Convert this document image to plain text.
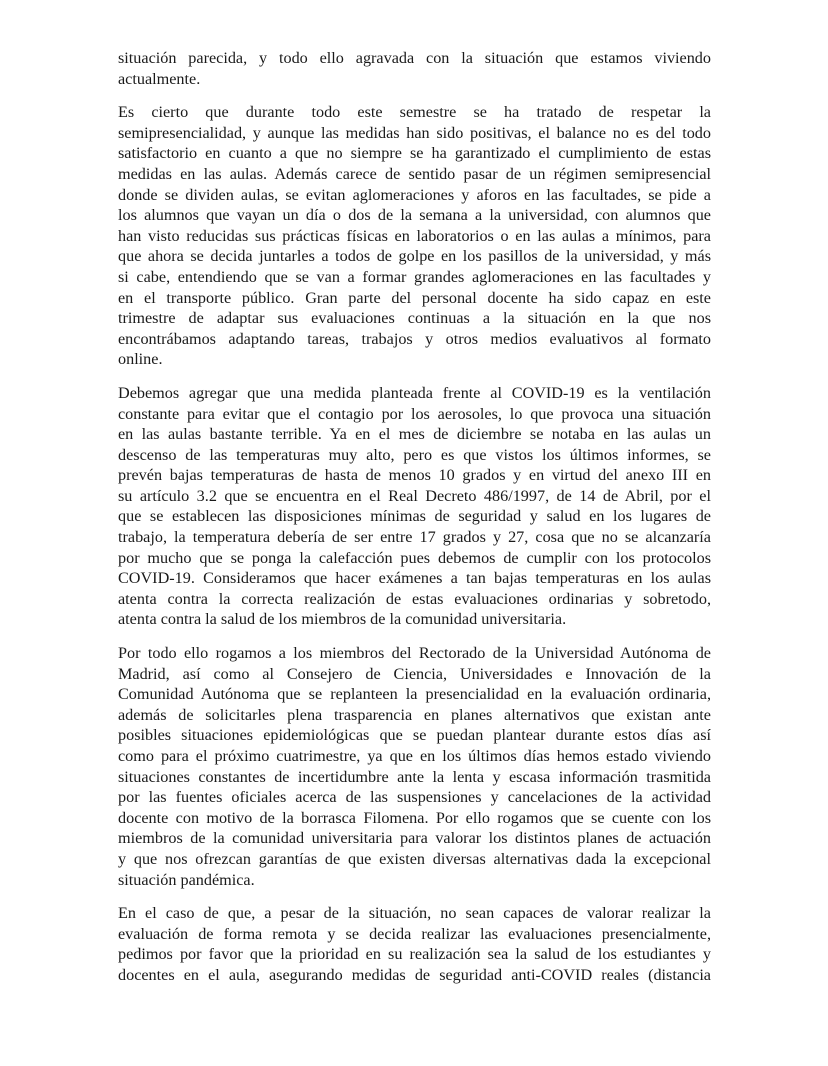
situación parecida, y todo ello agravada con la situación que estamos viviendo
actualmente.
Es cierto que durante todo este semestre se ha tratado de respetar la
semipresencialidad, y aunque las medidas han sido positivas, el balance no es del todo
satisfactorio en cuanto a que no siempre se ha garantizado el cumplimiento de estas
medidas en las aulas. Además carece de sentido pasar de un régimen semipresencial
donde se dividen aulas, se evitan aglomeraciones y aforos en las facultades, se pide a
los alumnos que vayan un día o dos de la semana a la universidad, con alumnos que
han visto reducidas sus prácticas físicas en laboratorios o en las aulas a mínimos, para
que ahora se decida juntarles a todos de golpe en los pasillos de la universidad, y más
si cabe, entendiendo que se van a formar grandes aglomeraciones en las facultades y
en el transporte público. Gran parte del personal docente ha sido capaz en este
trimestre de adaptar sus evaluaciones continuas a la situación en la que nos
encontrábamos adaptando tareas, trabajos y otros medios evaluativos al formato
online.
Debemos agregar que una medida planteada frente al COVID-19 es la ventilación
constante para evitar que el contagio por los aerosoles, lo que provoca una situación
en las aulas bastante terrible. Ya en el mes de diciembre se notaba en las aulas un
descenso de las temperaturas muy alto, pero es que vistos los últimos informes, se
prevén bajas temperaturas de hasta de menos 10 grados y en virtud del anexo III en
su artículo 3.2 que se encuentra en el Real Decreto 486/1997, de 14 de Abril, por el
que se establecen las disposiciones mínimas de seguridad y salud en los lugares de
trabajo, la temperatura debería de ser entre 17 grados y 27, cosa que no se alcanzaría
por mucho que se ponga la calefacción pues debemos de cumplir con los protocolos
COVID-19. Consideramos que hacer exámenes a tan bajas temperaturas en los aulas
atenta contra la correcta realización de estas evaluaciones ordinarias y sobretodo,
atenta contra la salud de los miembros de la comunidad universitaria.
Por todo ello rogamos a los miembros del Rectorado de la Universidad Autónoma de
Madrid, así como al Consejero de Ciencia, Universidades e Innovación de la
Comunidad Autónoma que se replanteen la presencialidad en la evaluación ordinaria,
además de solicitarles plena trasparencia en planes alternativos que existan ante
posibles situaciones epidemiológicas que se puedan plantear durante estos días así
como para el próximo cuatrimestre, ya que en los últimos días hemos estado viviendo
situaciones constantes de incertidumbre ante la lenta y escasa información trasmitida
por las fuentes oficiales acerca de las suspensiones y cancelaciones de la actividad
docente con motivo de la borrasca Filomena. Por ello rogamos que se cuente con los
miembros de la comunidad universitaria para valorar los distintos planes de actuación
y que nos ofrezcan garantías de que existen diversas alternativas dada la excepcional
situación pandémica.
En el caso de que, a pesar de la situación, no sean capaces de valorar realizar la
evaluación de forma remota y se decida realizar las evaluaciones presencialmente,
pedimos por favor que la prioridad en su realización sea la salud de los estudiantes y
docentes en el aula, asegurando medidas de seguridad anti-COVID reales (distancia
